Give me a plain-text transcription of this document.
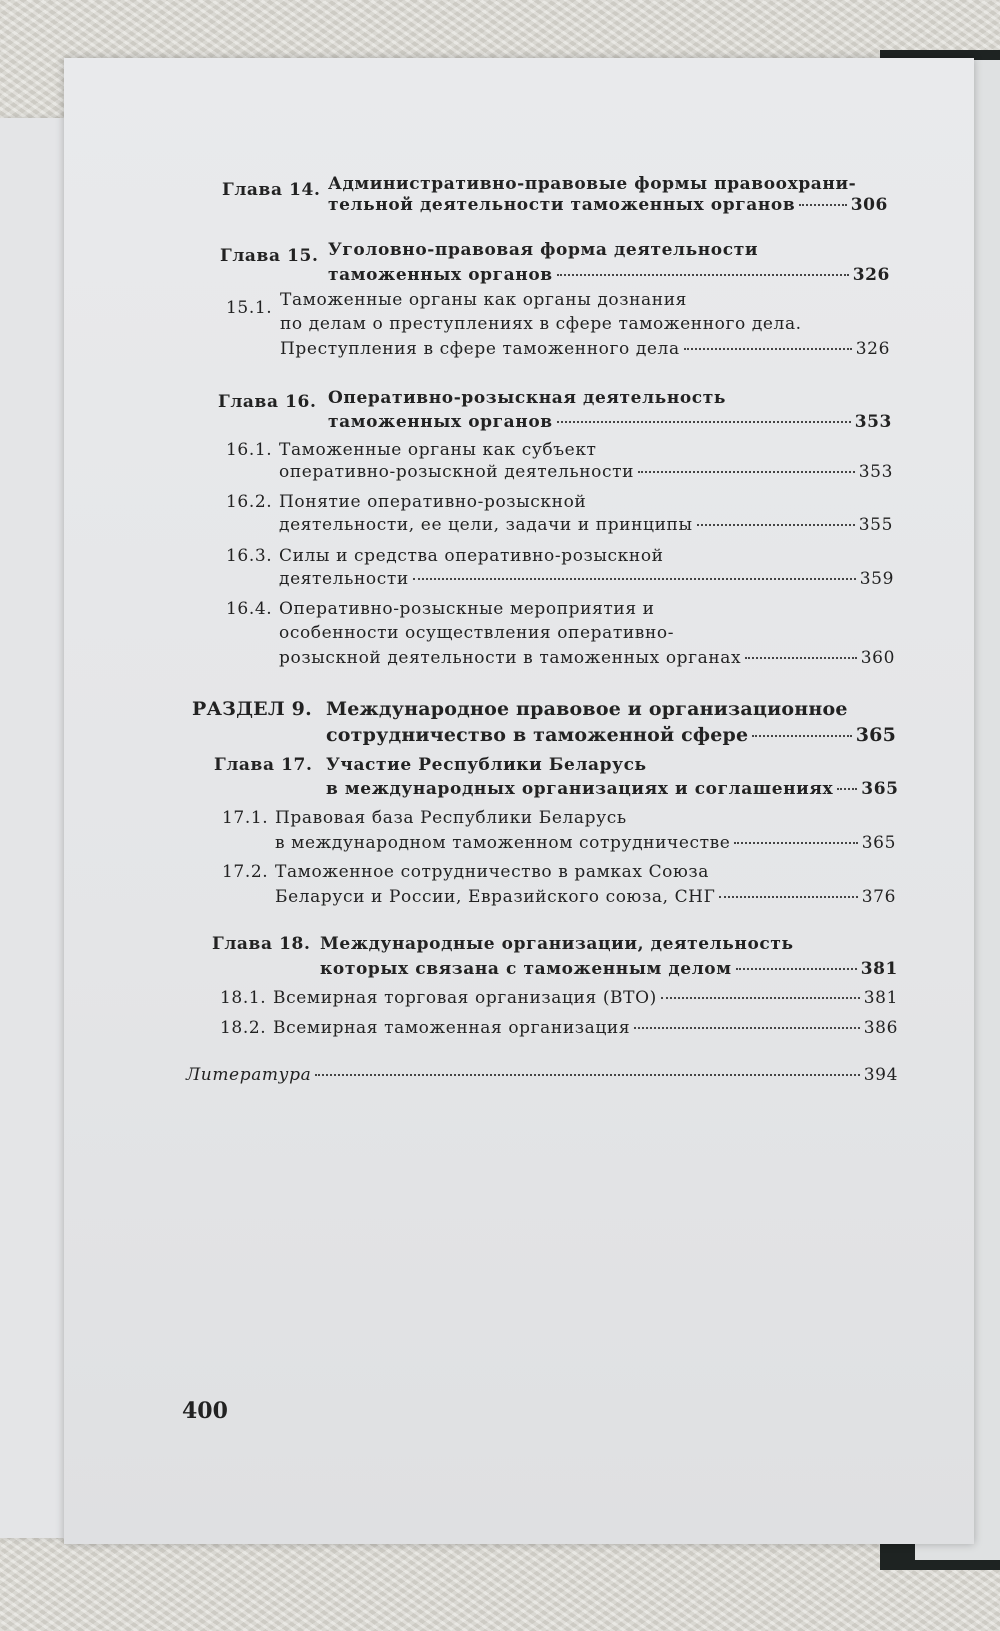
Глава 14. Административно-правовые формы правоохрани-
тельной деятельности таможенных органов	306
Глава 15. Уголовно-правовая форма деятельности
таможенных органов	326
15.1. Таможенные органы как органы дознания
по делам о преступлениях в сфере таможенного дела.
Преступления в сфере таможенного дела	326
Глава 16. Оперативно-розыскная деятельность
таможенных органов	353
16.1. Таможенные органы как субъект
оперативно-розыскной деятельности	353
16.2. Понятие оперативно-розыскной
деятельности, ее цели, задачи и принципы	355
16.3. Силы и средства оперативно-розыскной
деятельности	359
16.4. Оперативно-розыскные мероприятия и
особенности осуществления оперативно-
розыскной деятельности в таможенных органах	360
РАЗДЕЛ 9. Международное правовое и организационное
сотрудничество в таможенной сфере	365
Глава 17. Участие Республики Беларусь
в международных организациях и соглашениях 365
17.1. Правовая база Республики Беларусь
в международном таможенном сотрудничестве	365
17.2. Таможенное сотрудничество в рамках Союза
Беларуси и России, Евразийского союза, СНГ	376
Глава 18. Международные организации, деятельность
которых связана с таможенным делом	381
18.1. Всемирная торговая организация (ВТО)	381
18.2. Всемирная таможенная организация	386
Литература	394
400
